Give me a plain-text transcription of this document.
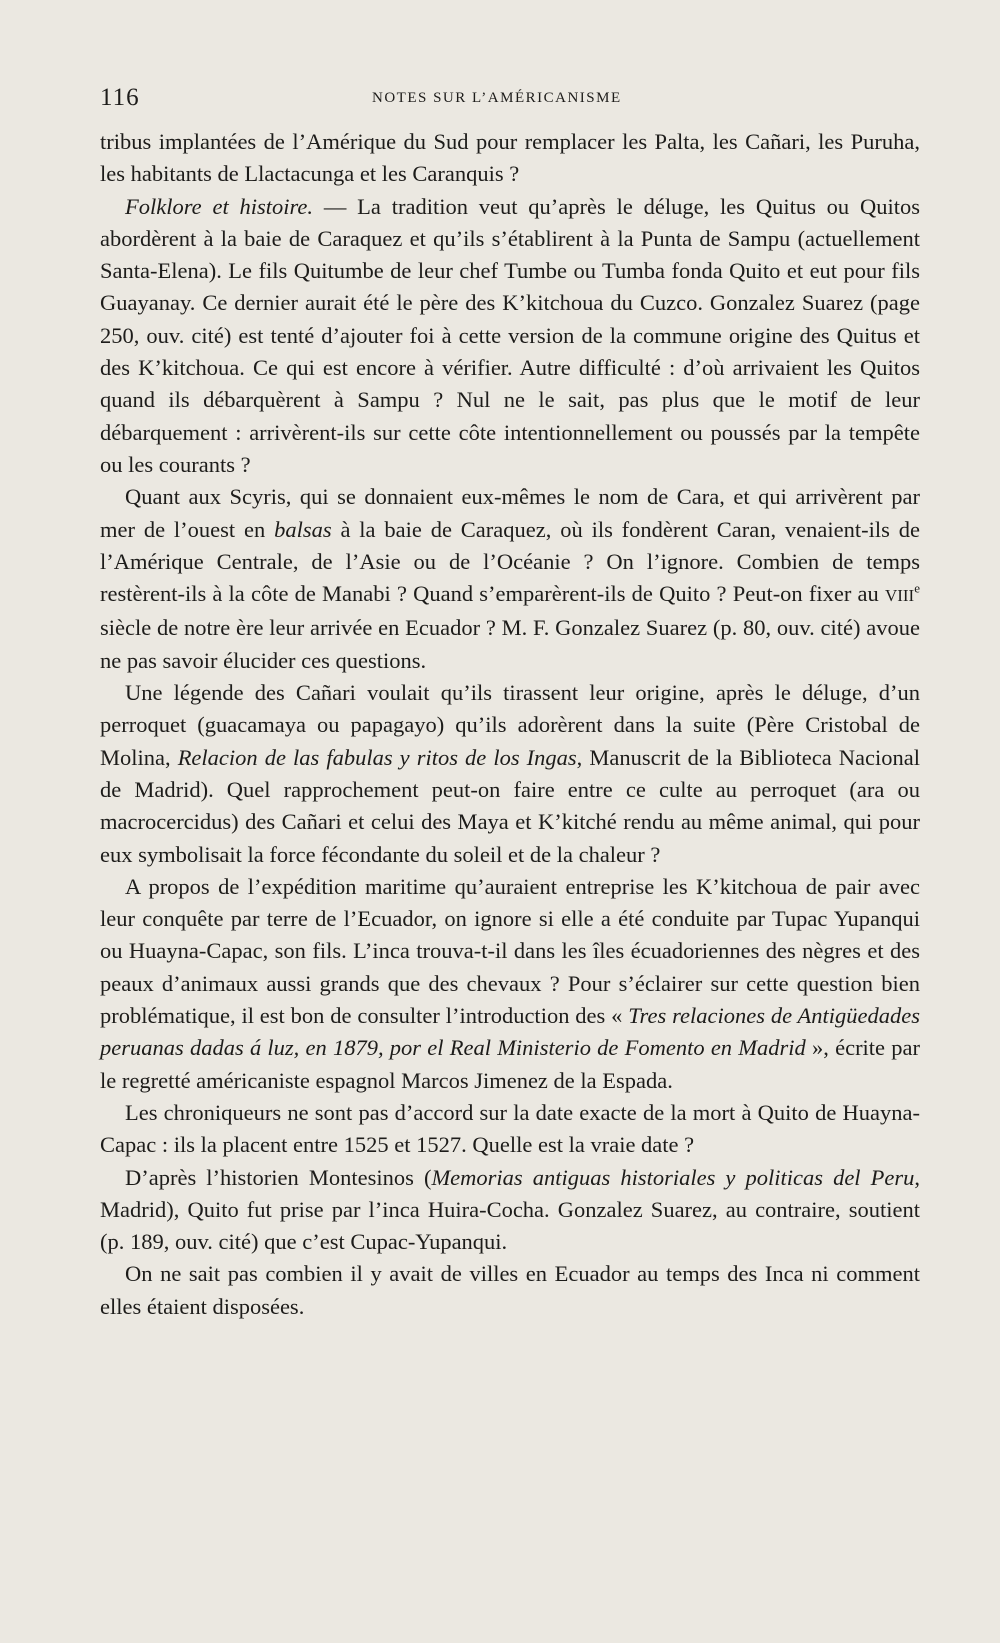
116	NOTES SUR L’AMÉRICANISME

tribus implantées de l’Amérique du Sud pour remplacer les Palta, les Cañari, les Puruha, les habitants de Llactacunga et les Caranquis ?

Folklore et histoire. — La tradition veut qu’après le déluge, les Quitus ou Quitos abordèrent à la baie de Caraquez et qu’ils s’établirent à la Punta de Sampu (actuellement Santa-Elena). Le fils Quitumbe de leur chef Tumbe ou Tumba fonda Quito et eut pour fils Guayanay. Ce dernier aurait été le père des K’kitchoua du Cuzco. Gonzalez Suarez (page 250, ouv. cité) est tenté d’ajouter foi à cette version de la commune origine des Quitus et des K’kitchoua. Ce qui est encore à vérifier. Autre difficulté : d’où arrivaient les Quitos quand ils débarquèrent à Sampu ? Nul ne le sait, pas plus que le motif de leur débarquement : arrivèrent-ils sur cette côte intentionnellement ou poussés par la tempête ou les courants ?

Quant aux Scyris, qui se donnaient eux-mêmes le nom de Cara, et qui arrivèrent par mer de l’ouest en balsas à la baie de Caraquez, où ils fondèrent Caran, venaient-ils de l’Amérique Centrale, de l’Asie ou de l’Océanie ? On l’ignore. Combien de temps restèrent-ils à la côte de Manabi ? Quand s’emparèrent-ils de Quito ? Peut-on fixer au VIIIe siècle de notre ère leur arrivée en Ecuador ? M. F. Gonzalez Suarez (p. 80, ouv. cité) avoue ne pas savoir élucider ces questions.

Une légende des Cañari voulait qu’ils tirassent leur origine, après le déluge, d’un perroquet (guacamaya ou papagayo) qu’ils adorèrent dans la suite (Père Cristobal de Molina, Relacion de las fabulas y ritos de los Ingas, Manuscrit de la Biblioteca Nacional de Madrid). Quel rapprochement peut-on faire entre ce culte au perroquet (ara ou macrocercidus) des Cañari et celui des Maya et K’kitché rendu au même animal, qui pour eux symbolisait la force fécondante du soleil et de la chaleur ?

A propos de l’expédition maritime qu’auraient entreprise les K’kitchoua de pair avec leur conquête par terre de l’Ecuador, on ignore si elle a été conduite par Tupac Yupanqui ou Huayna-Capac, son fils. L’inca trouva-t-il dans les îles écuadoriennes des nègres et des peaux d’animaux aussi grands que des chevaux ? Pour s’éclairer sur cette question bien problématique, il est bon de consulter l’introduction des « Tres relaciones de Antigüedades peruanas dadas á luz, en 1879, por el Real Ministerio de Fomento en Madrid », écrite par le regretté américaniste espagnol Marcos Jimenez de la Espada.

Les chroniqueurs ne sont pas d’accord sur la date exacte de la mort à Quito de Huayna-Capac : ils la placent entre 1525 et 1527. Quelle est la vraie date ?

D’après l’historien Montesinos (Memorias antiguas historiales y politicas del Peru, Madrid), Quito fut prise par l’inca Huira-Cocha. Gonzalez Suarez, au contraire, soutient (p. 189, ouv. cité) que c’est Cupac-Yupanqui.

On ne sait pas combien il y avait de villes en Ecuador au temps des Inca ni comment elles étaient disposées.
